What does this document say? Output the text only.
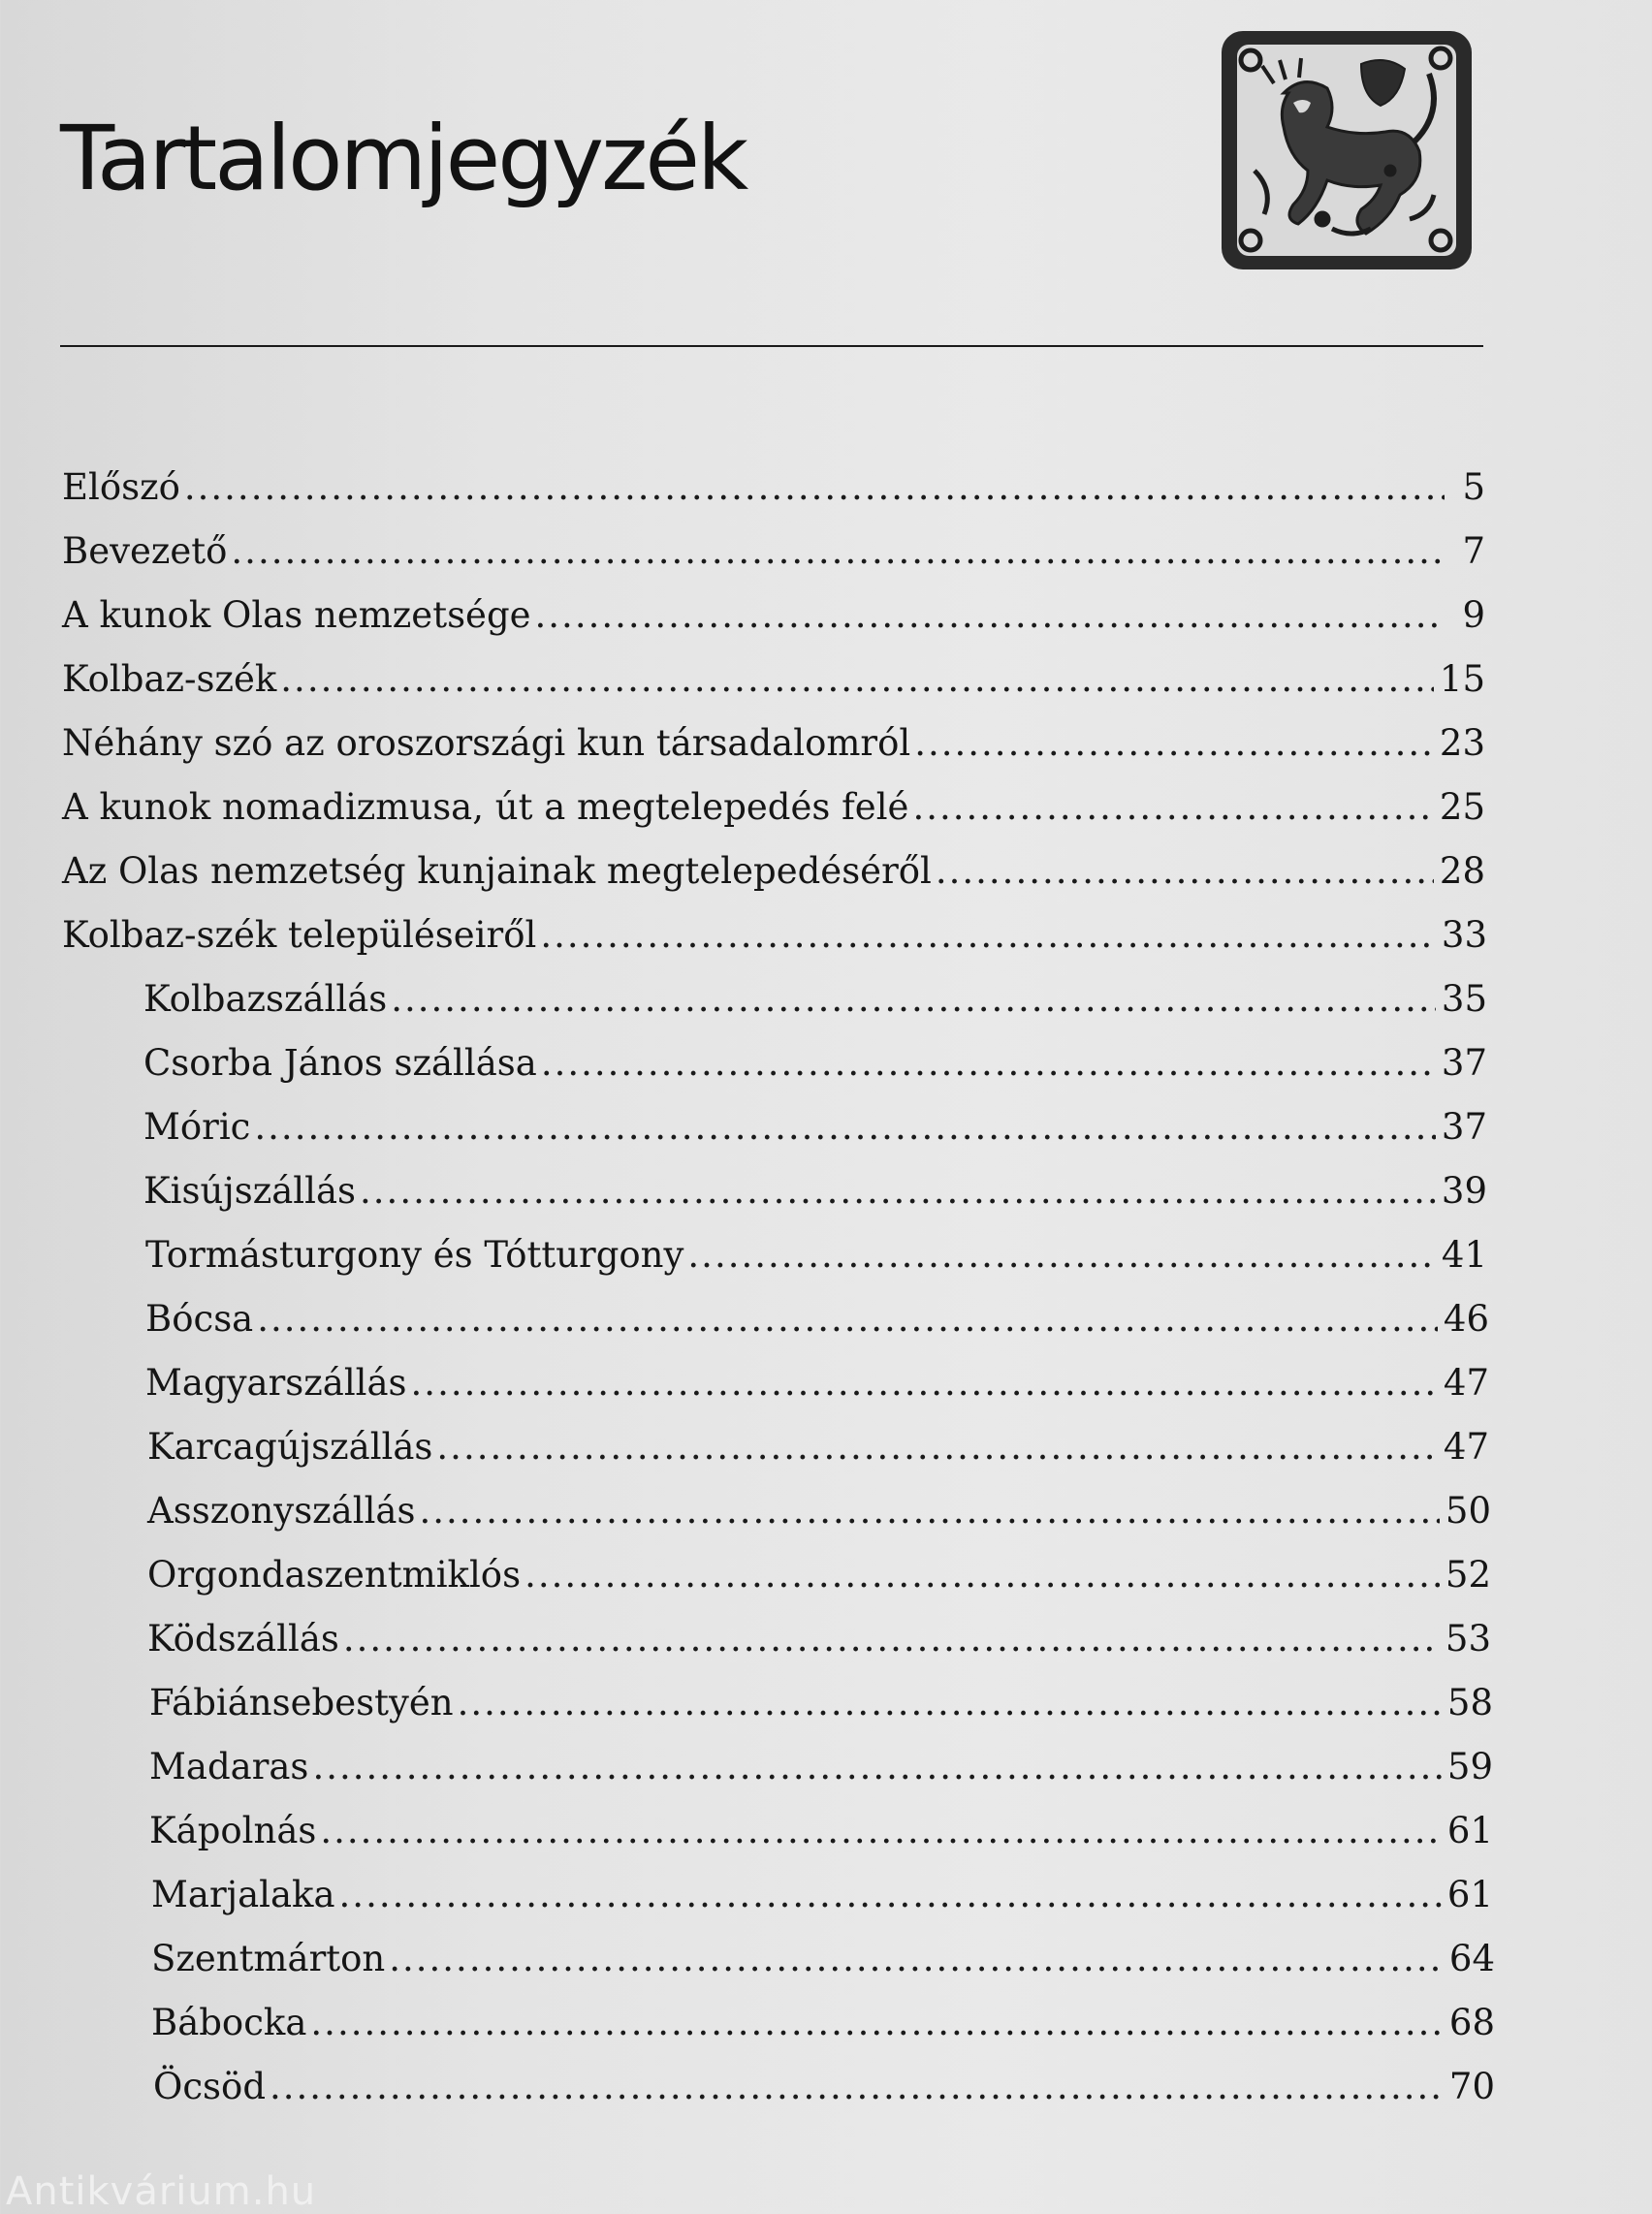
Tartalomjegyzék
Előszó .....	5
Bevezető .....	7
A kunok Olas nemzetsége .....	9
Kolbaz-szék .....	15
Néhány szó az oroszországi kun társadalomról .....	23
A kunok nomadizmusa, út a megtelepedés felé .....	25
Az Olas nemzetség kunjainak megtelepedéséről .....	28
Kolbaz-szék településeiről .....	33
Kolbazszállás .....	35
Csorba János szállása .....	37
Móric .....	37
Kisújszállás .....	39
Tormásturgony és Tótturgony .....	41
Bócsa .....	46
Magyarszállás .....	47
Karcagújszállás .....	47
Asszonyszállás .....	50
Orgondaszentmiklós .....	52
Ködszállás .....	53
Fábiánsebestyén .....	58
Madaras .....	59
Kápolnás .....	61
Marjalaka .....	61
Szentmárton .....	64
Bábocka .....	68
Öcsöd .....	70
Antikvárium.hu
